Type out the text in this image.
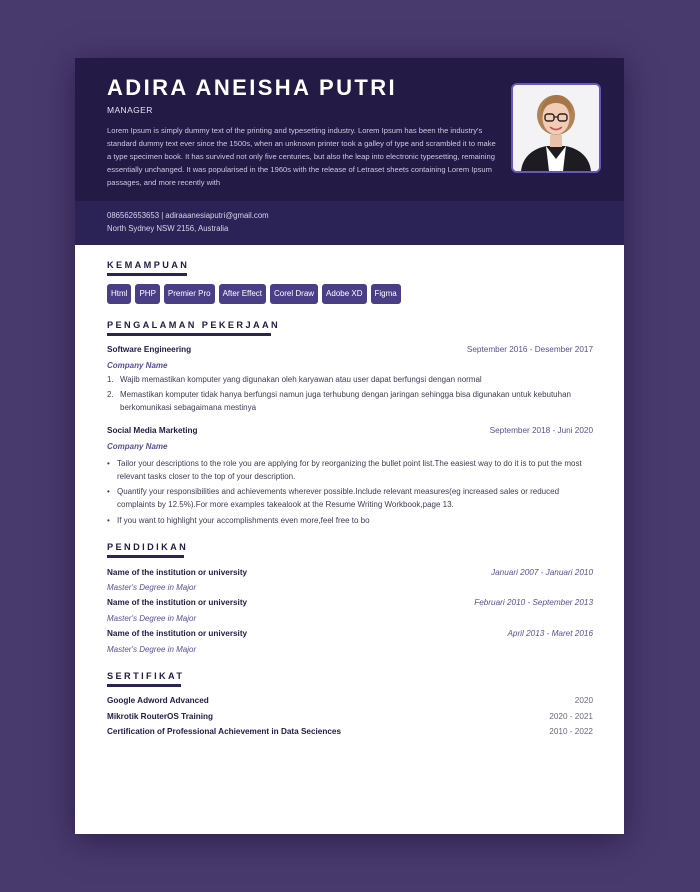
ADIRA ANEISHA PUTRI
MANAGER
Lorem Ipsum is simply dummy text of the printing and typesetting industry. Lorem Ipsum has been the industry's standard dummy text ever since the 1500s, when an unknown printer took a galley of type and scrambled it to make a type specimen book. It has survived not only five centuries, but also the leap into electronic typesetting, remaining essentially unchanged. It was popularised in the 1960s with the release of Letraset sheets containing Lorem Ipsum passages, and more recently with
086562653653 | adiraaanesiaputri@gmail.com
North Sydney NSW 2156, Australia
KEMAMPUAN
Html	PHP	Premier Pro	After Effect	Corel Draw	Adobe XD	Figma
PENGALAMAN PEKERJAAN
Software Engineering	September 2016 - Desember 2017
Company Name
1. Wajib memastikan komputer yang digunakan oleh karyawan atau user dapat berfungsi dengan normal
2. Memastikan komputer tidak hanya berfungsi namun juga terhubung dengan jaringan sehingga bisa digunakan untuk kebutuhan berkomunikasi sebagaimana mestinya
Social Media Marketing	September 2018 - Juni 2020
Company Name
• Tailor your descriptions to the role you are applying for by reorganizing the bullet point list.The easiest way to do it is to put the most relevant tasks closer to the top of your description.
• Quantify your responsibilities and achievements wherever possible.Include relevant measures(eg increased sales or reduced complaints by 12.5%).For more examples takealook at the Resume Writing Workbook,page 13.
• If you want to highlight your accomplishments even more,feel free to bo
PENDIDIKAN
Name of the institution or university	Januari 2007 - Januari 2010
Master's Degree in Major
Name of the institution or university	Februari 2010 - September 2013
Master's Degree in Major
Name of the institution or university	April 2013 - Maret 2016
Master's Degree in Major
SERTIFIKAT
Google Adword Advanced	2020
Mikrotik RouterOS Training	2020 - 2021
Certification of Professional Achievement in Data Seciences	2010 - 2022
